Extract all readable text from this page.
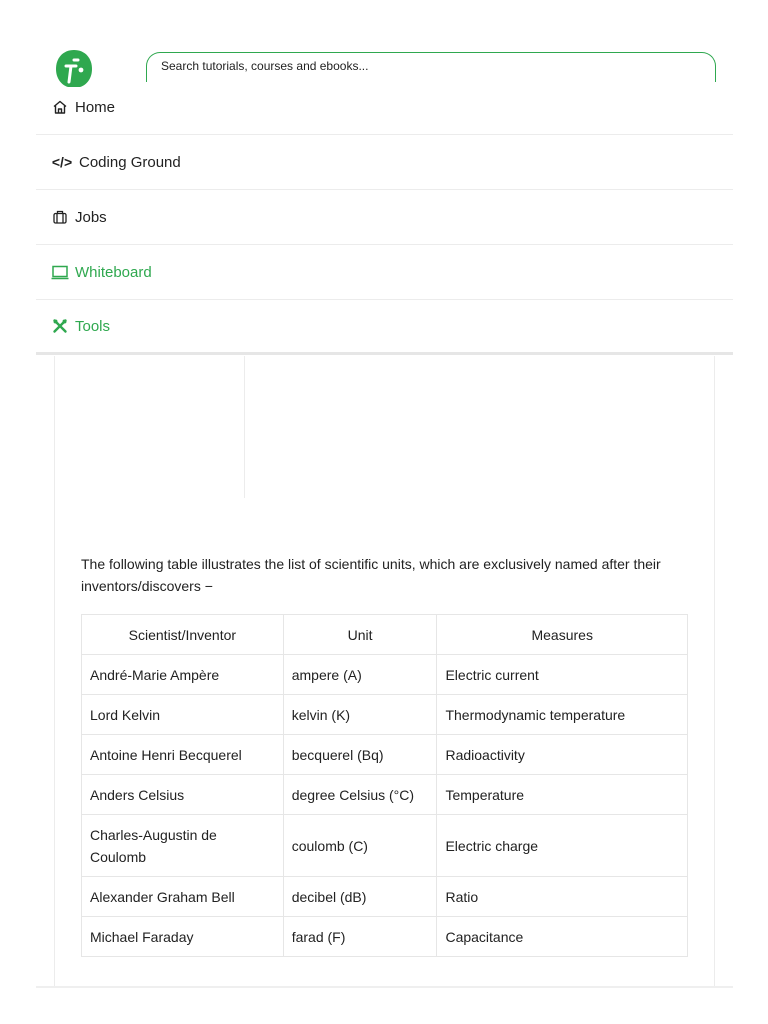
Search tutorials, courses and ebooks...
Home
</> Coding Ground
Jobs
Whiteboard
Tools

The following table illustrates the list of scientific units, which are exclusively named after their inventors/discovers −

Scientist/Inventor	Unit	Measures
André-Marie Ampère	ampere (A)	Electric current
Lord Kelvin	kelvin (K)	Thermodynamic temperature
Antoine Henri Becquerel	becquerel (Bq)	Radioactivity
Anders Celsius	degree Celsius (°C)	Temperature
Charles-Augustin de Coulomb	coulomb (C)	Electric charge
Alexander Graham Bell	decibel (dB)	Ratio
Michael Faraday	farad (F)	Capacitance
